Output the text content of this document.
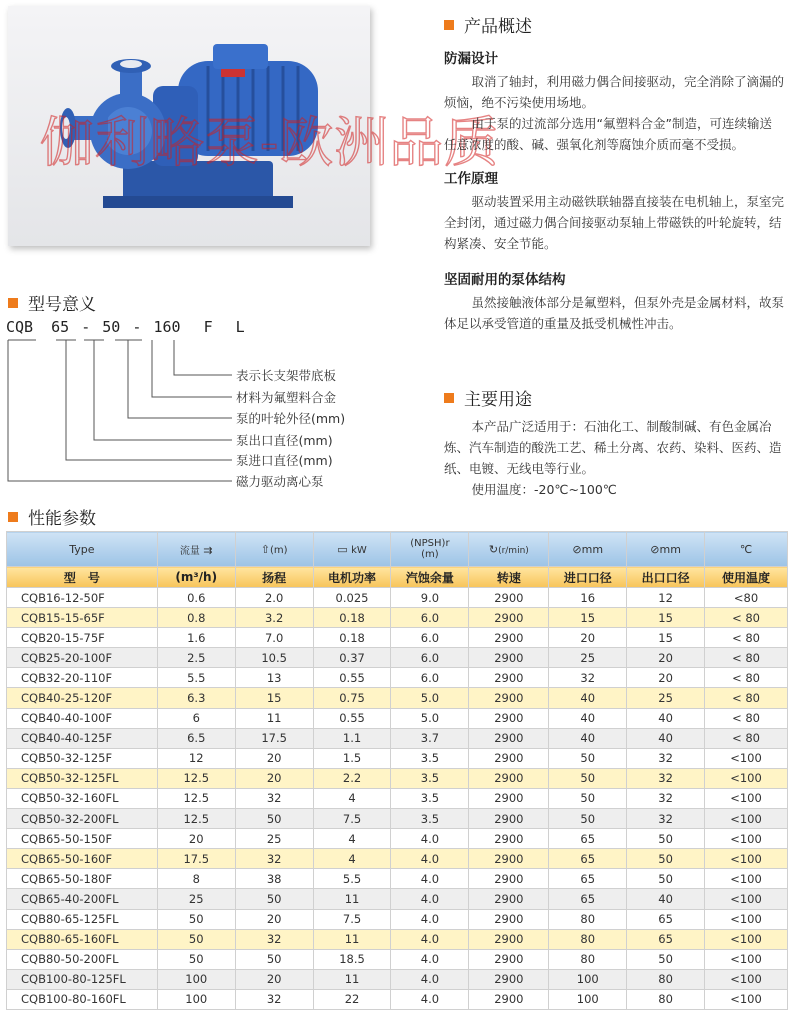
伽利略泵-欧洲品质
产品概述

防漏设计

取消了轴封，利用磁力偶合间接驱动，完全消除了滴漏的烦恼，绝不污染使用场地。

由于泵的过流部分选用“氟塑料合金”制造，可连续输送任意浓度的酸、碱、强氧化剂等腐蚀介质而毫不受损。

工作原理

驱动装置采用主动磁铁联轴器直接装在电机轴上，泵室完全封闭，通过磁力偶合间接驱动泵轴上带磁铁的叶轮旋转，结构紧凑、安全节能。

坚固耐用的泵体结构

虽然接触液体部分是氟塑料，但泵外壳是金属材料，故泵体足以承受管道的重量及抵受机械性冲击。

主要用途

本产品广泛适用于：石油化工、制酸制碱、有色金属冶炼、汽车制造的酸洗工艺、稀土分离、农药、染料、医药、造纸、电镀、无线电等行业。

使用温度：-20℃~100℃

型号意义
CQB 65 - 50 - 160 F L
表示长支架带底板
材料为氟塑料合金
泵的叶轮外径(mm)
泵出口直径(mm)
泵进口直径(mm)
磁力驱动离心泵
性能参数
Type	流量 ⇉	⇧(m)	▭ kW	(NPSH)r
(m)	↻(r/min)	⊘mm	⊘mm	℃
型　号	(m³/h)	扬程	电机功率	汽蚀余量	转速	进口口径	出口口径	使用温度
CQB16-12-50F	0.6	2.0	0.025	9.0	2900	16	12	<80
CQB15-15-65F	0.8	3.2	0.18	6.0	2900	15	15	< 80
CQB20-15-75F	1.6	7.0	0.18	6.0	2900	20	15	< 80
CQB25-20-100F	2.5	10.5	0.37	6.0	2900	25	20	< 80
CQB32-20-110F	5.5	13	0.55	6.0	2900	32	20	< 80
CQB40-25-120F	6.3	15	0.75	5.0	2900	40	25	< 80
CQB40-40-100F	6	11	0.55	5.0	2900	40	40	< 80
CQB40-40-125F	6.5	17.5	1.1	3.7	2900	40	40	< 80
CQB50-32-125F	12	20	1.5	3.5	2900	50	32	<100
CQB50-32-125FL	12.5	20	2.2	3.5	2900	50	32	<100
CQB50-32-160FL	12.5	32	4	3.5	2900	50	32	<100
CQB50-32-200FL	12.5	50	7.5	3.5	2900	50	32	<100
CQB65-50-150F	20	25	4	4.0	2900	65	50	<100
CQB65-50-160F	17.5	32	4	4.0	2900	65	50	<100
CQB65-50-180F	8	38	5.5	4.0	2900	65	50	<100
CQB65-40-200FL	25	50	11	4.0	2900	65	40	<100
CQB80-65-125FL	50	20	7.5	4.0	2900	80	65	<100
CQB80-65-160FL	50	32	11	4.0	2900	80	65	<100
CQB80-50-200FL	50	50	18.5	4.0	2900	80	50	<100
CQB100-80-125FL	100	20	11	4.0	2900	100	80	<100
CQB100-80-160FL	100	32	22	4.0	2900	100	80	<100
